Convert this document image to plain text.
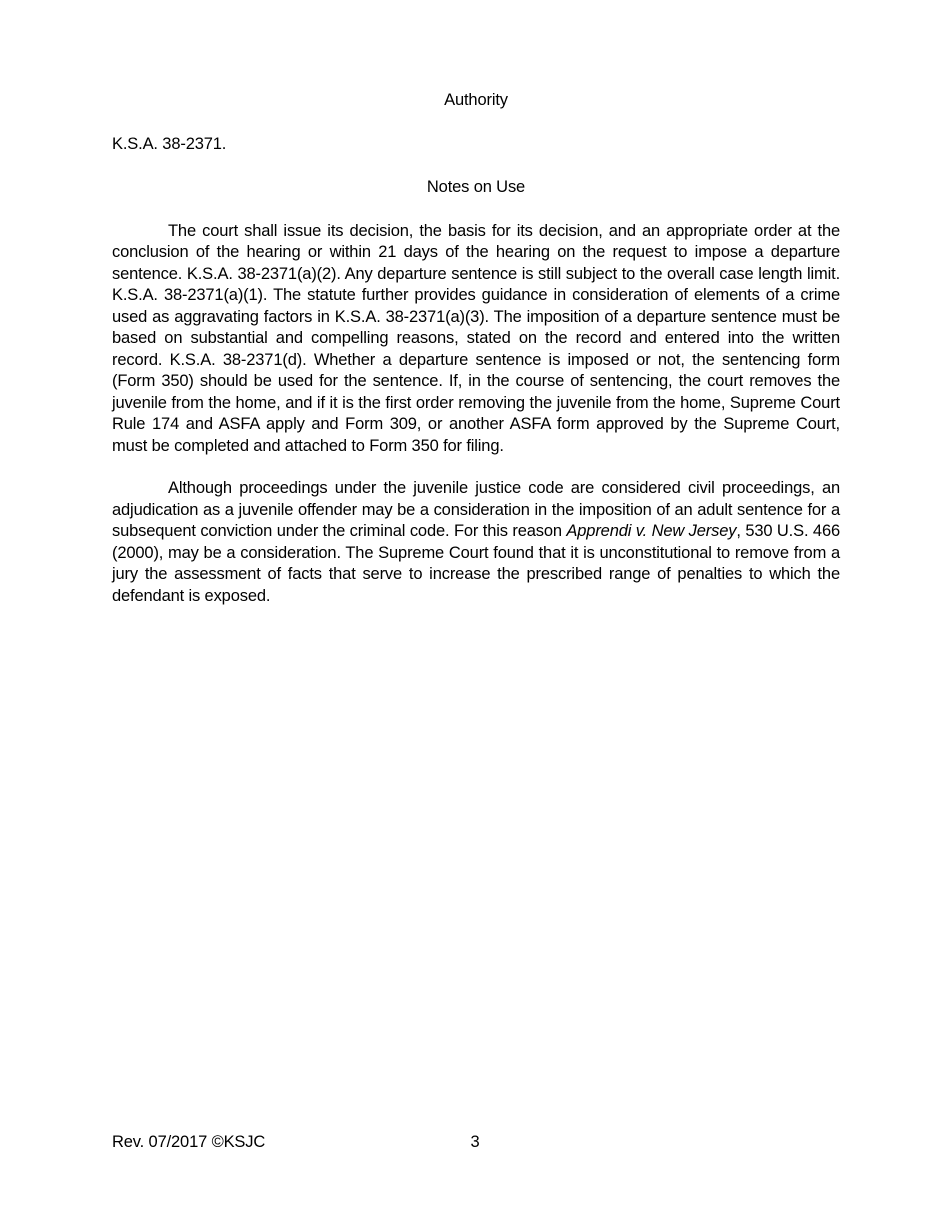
Authority

K.S.A. 38-2371.

Notes on Use

The court shall issue its decision, the basis for its decision, and an appropriate order at the conclusion of the hearing or within 21 days of the hearing on the request to impose a departure sentence. K.S.A. 38-2371(a)(2). Any departure sentence is still subject to the overall case length limit. K.S.A. 38-2371(a)(1). The statute further provides guidance in consideration of elements of a crime used as aggravating factors in K.S.A. 38-2371(a)(3). The imposition of a departure sentence must be based on substantial and compelling reasons, stated on the record and entered into the written record. K.S.A. 38-2371(d). Whether a departure sentence is imposed or not, the sentencing form (Form 350) should be used for the sentence. If, in the course of sentencing, the court removes the juvenile from the home, and if it is the first order removing the juvenile from the home, Supreme Court Rule 174 and ASFA apply and Form 309, or another ASFA form approved by the Supreme Court, must be completed and attached to Form 350 for filing.

Although proceedings under the juvenile justice code are considered civil proceedings, an adjudication as a juvenile offender may be a consideration in the imposition of an adult sentence for a subsequent conviction under the criminal code. For this reason Apprendi v. New Jersey, 530 U.S. 466 (2000), may be a consideration. The Supreme Court found that it is unconstitutional to remove from a jury the assessment of facts that serve to increase the prescribed range of penalties to which the defendant is exposed.

Rev. 07/2017 ©KSJC	3
